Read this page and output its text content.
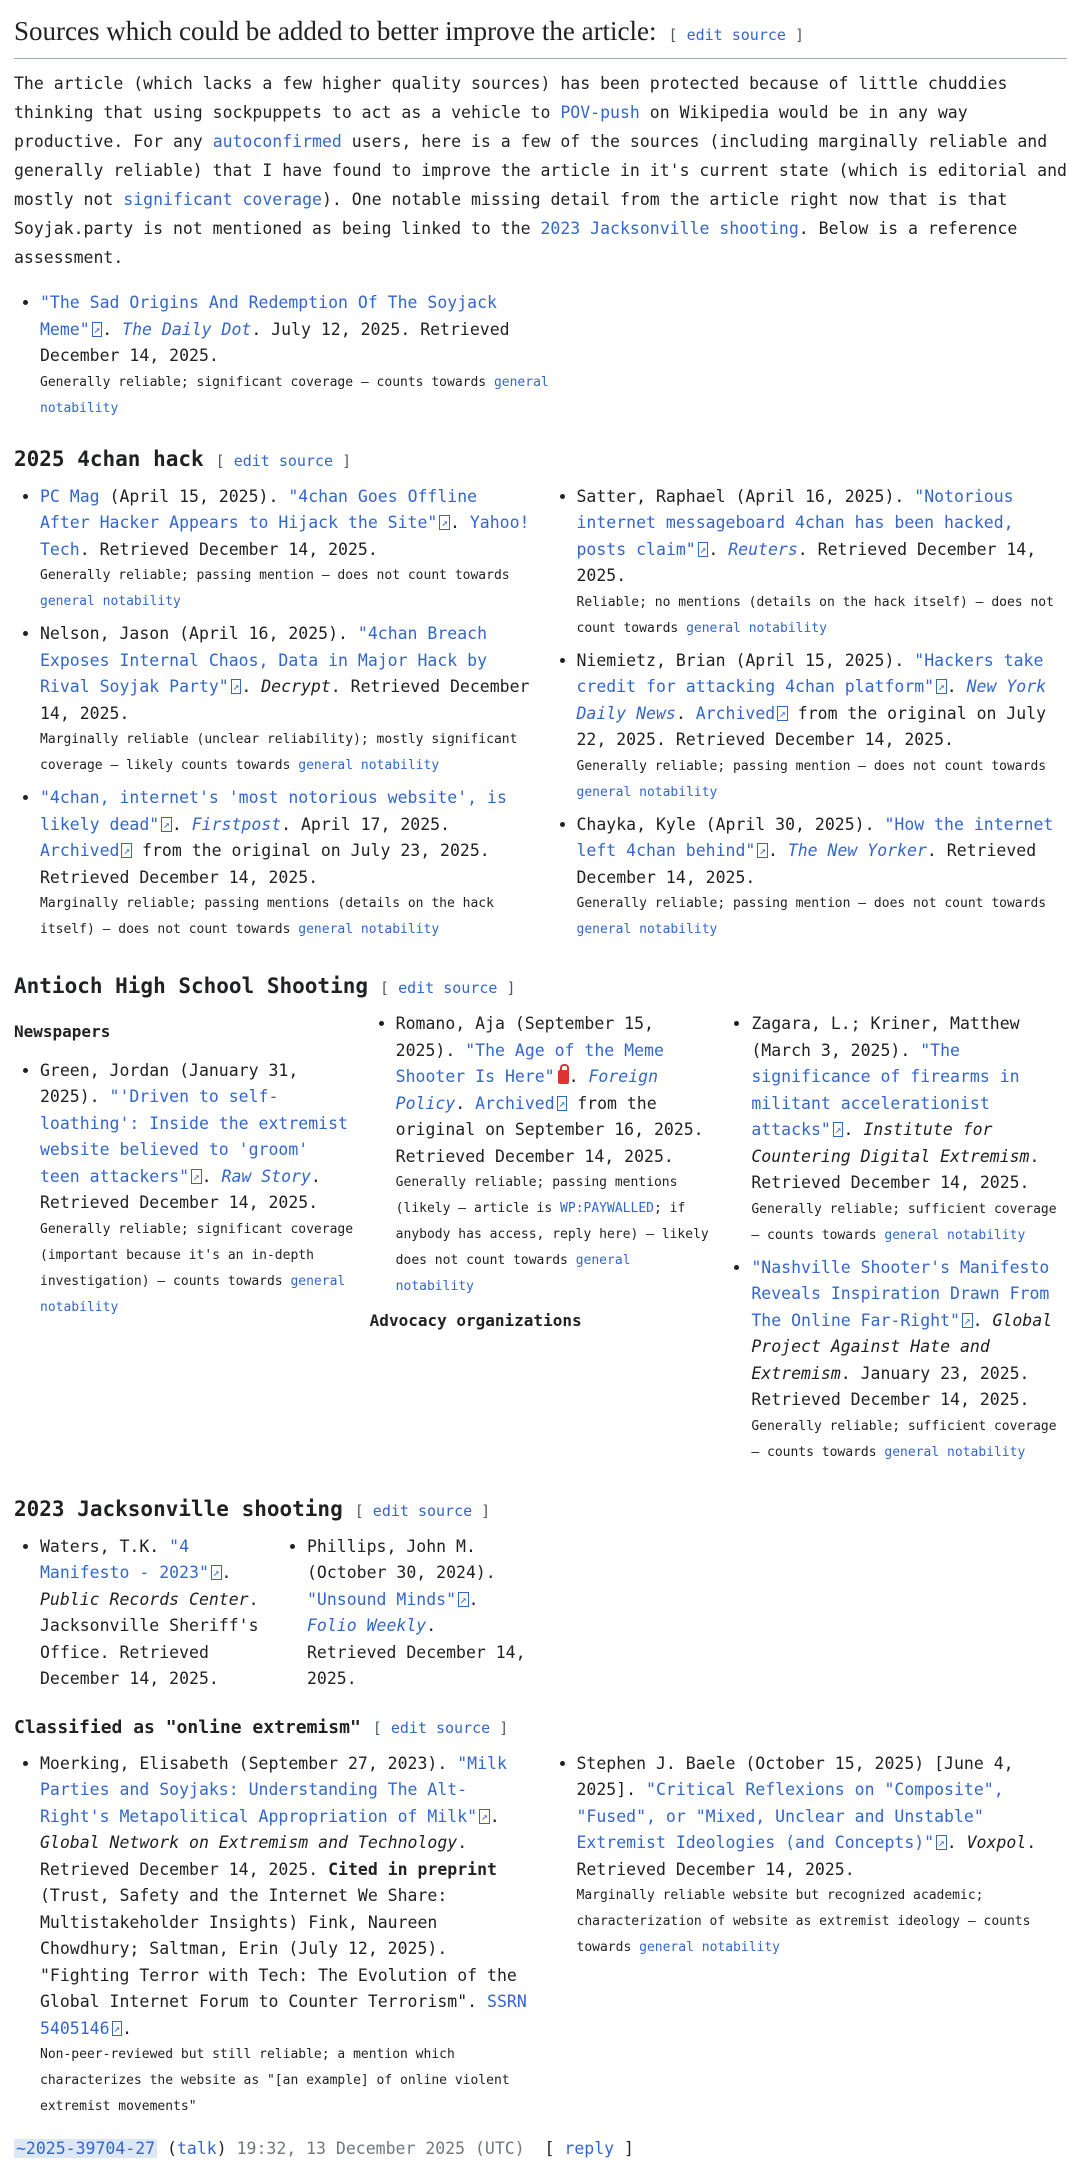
Sources which could be added to better improve the article: [ edit source ]

The article (which lacks a few higher quality sources) has been protected because of little chuddies thinking that using sockpuppets to act as a vehicle to POV-push on Wikipedia would be in any way productive. For any autoconfirmed users, here is a few of the sources (including marginally reliable and generally reliable) that I have found to improve the article in it's current state (which is editorial and mostly not significant coverage). One notable missing detail from the article right now that is that Soyjak.party is not mentioned as being linked to the 2023 Jacksonville shooting. Below is a reference assessment.

• "The Sad Origins And Redemption Of The Soyjack Meme" ↗ . The Daily Dot. July 12, 2025. Retrieved December 14, 2025.
Generally reliable; significant coverage – counts towards general notability
2025 4chan hack [ edit source ]
• PC Mag (April 15, 2025). "4chan Goes Offline After Hacker Appears to Hijack the Site" ↗ . Yahoo! Tech. Retrieved December 14, 2025.
Generally reliable; passing mention – does not count towards general notability
• Nelson, Jason (April 16, 2025). "4chan Breach Exposes Internal Chaos, Data in Major Hack by Rival Soyjak Party" ↗ . Decrypt. Retrieved December 14, 2025.
Marginally reliable (unclear reliability); mostly significant coverage – likely counts towards general notability
• "4chan, internet's 'most notorious website', is likely dead" ↗ . Firstpost. April 17, 2025. Archived ↗ from the original on July 23, 2025. Retrieved December 14, 2025.
Marginally reliable; passing mentions (details on the hack itself) – does not count towards general notability
• Satter, Raphael (April 16, 2025). "Notorious internet messageboard 4chan has been hacked, posts claim" ↗ . Reuters. Retrieved December 14, 2025.
Reliable; no mentions (details on the hack itself) – does not count towards general notability
• Niemietz, Brian (April 15, 2025). "Hackers take credit for attacking 4chan platform" ↗ . New York Daily News. Archived ↗ from the original on July 22, 2025. Retrieved December 14, 2025.
Generally reliable; passing mention – does not count towards general notability
• Chayka, Kyle (April 30, 2025). "How the internet left 4chan behind" ↗ . The New Yorker. Retrieved December 14, 2025.
Generally reliable; passing mention – does not count towards general notability
Antioch High School Shooting [ edit source ]
Newspapers
• Green, Jordan (January 31, 2025). "'Driven to self-loathing': Inside the extremist website believed to 'groom' teen attackers" ↗ . Raw Story. Retrieved December 14, 2025.
Generally reliable; significant coverage (important because it's an in-depth investigation) – counts towards general notability
• Romano, Aja (September 15, 2025). "The Age of the Meme Shooter Is Here" . Foreign Policy. Archived ↗ from the original on September 16, 2025. Retrieved December 14, 2025.
Generally reliable; passing mentions (likely – article is WP:PAYWALLED; if anybody has access, reply here) – likely does not count towards general notability
Advocacy organizations
• Zagara, L.; Kriner, Matthew (March 3, 2025). "The significance of firearms in militant accelerationist attacks" ↗ . Institute for Countering Digital Extremism. Retrieved December 14, 2025.
Generally reliable; sufficient coverage – counts towards general notability
• "Nashville Shooter's Manifesto Reveals Inspiration Drawn From The Online Far-Right" ↗ . Global Project Against Hate and Extremism. January 23, 2025. Retrieved December 14, 2025.
Generally reliable; sufficient coverage – counts towards general notability
2023 Jacksonville shooting [ edit source ]
• Waters, T.K. "4 Manifesto - 2023" ↗ . Public Records Center. Jacksonville Sheriff's Office. Retrieved December 14, 2025.
• Phillips, John M. (October 30, 2024). "Unsound Minds" ↗ . Folio Weekly. Retrieved December 14, 2025.
Classified as "online extremism" [ edit source ]
• Moerking, Elisabeth (September 27, 2023). "Milk Parties and Soyjaks: Understanding The Alt-Right's Metapolitical Appropriation of Milk" ↗ . Global Network on Extremism and Technology. Retrieved December 14, 2025. Cited in preprint (Trust, Safety and the Internet We Share: Multistakeholder Insights) Fink, Naureen Chowdhury; Saltman, Erin (July 12, 2025). "Fighting Terror with Tech: The Evolution of the Global Internet Forum to Counter Terrorism". SSRN 5405146 ↗ .
Non-peer-reviewed but still reliable; a mention which characterizes the website as "[an example] of online violent extremist movements"
• Stephen J. Baele (October 15, 2025) [June 4, 2025]. "Critical Reflexions on "Composite", "Fused", or "Mixed, Unclear and Unstable" Extremist Ideologies (and Concepts)" ↗ . Voxpol. Retrieved December 14, 2025.
Marginally reliable website but recognized academic; characterization of website as extremist ideology – counts towards general notability
~2025-39704-27 (talk) 19:32, 13 December 2025 (UTC)  [ reply ]
